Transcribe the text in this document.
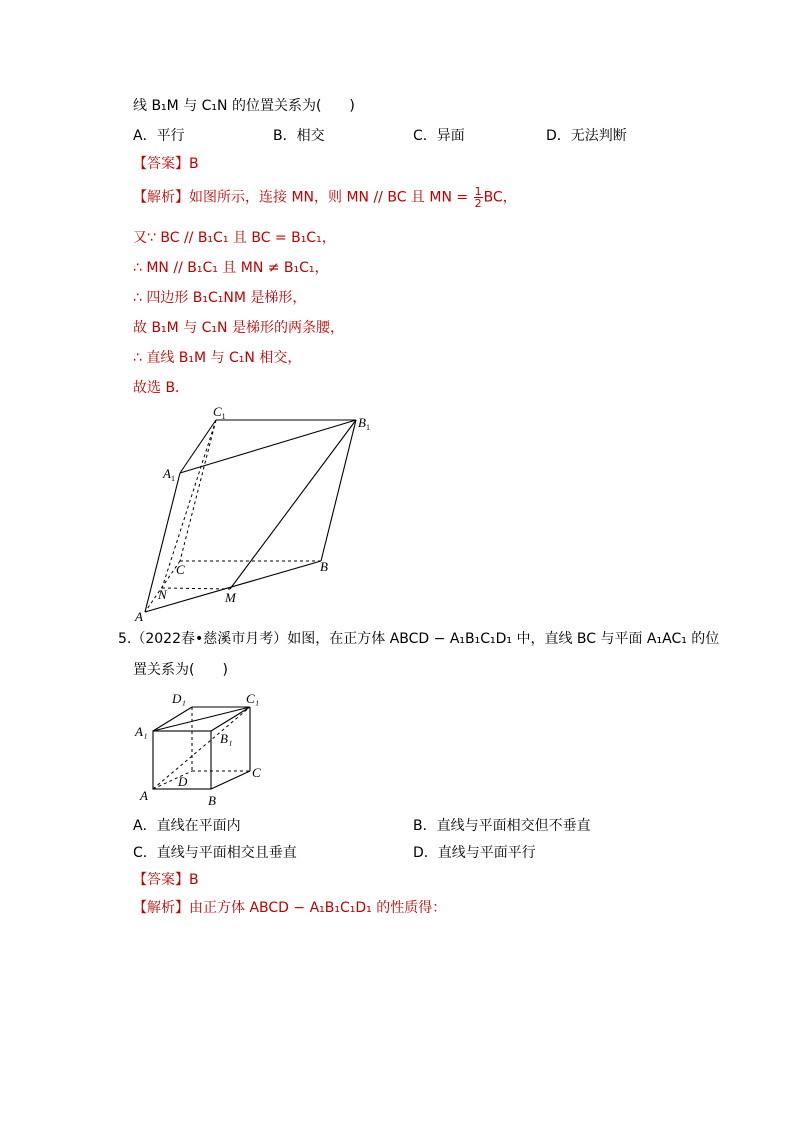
线 B₁M 与 C₁N 的位置关系为(　　)
A．平行	B．相交	C．异面	D．无法判断
【答案】B
【解析】如图所示，连接 MN，则 MN // BC 且 MN = $\frac{1}{2}$ BC，
又∵ BC // B₁C₁ 且 BC = B₁C₁，
∴ MN // B₁C₁ 且 MN ≠ B₁C₁，
∴ 四边形 B₁C₁NM 是梯形，
故 B₁M 与 C₁N 是梯形的两条腰，
∴ 直线 B₁M 与 C₁N 相交，
故选 B．
$C_1$	$B_1$
$A_1$
C	B
N	M
A
5.（2022春•慈溪市月考）如图，在正方体 ABCD − A₁B₁C₁D₁ 中，直线 BC 与平面 A₁AC₁ 的位
置关系为(　　)
D₁	C₁
A₁	B₁
D
C
A	B
A．直线在平面内	B．直线与平面相交但不垂直
C．直线与平面相交且垂直	D．直线与平面平行
【答案】B
【解析】由正方体 ABCD − A₁B₁C₁D₁ 的性质得：
